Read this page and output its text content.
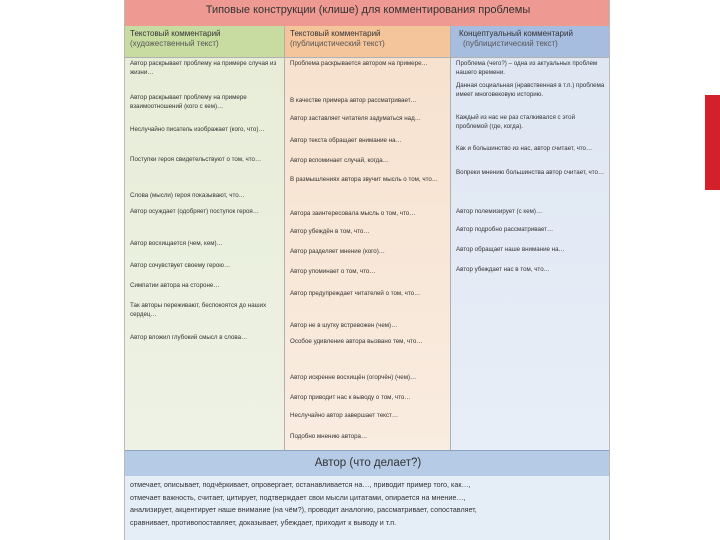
Типовые конструкции (клише) для комментирования проблемы
Текстовый комментарий
(художественный текст)
Автор раскрывает проблему на примере случая из жизни…
Автор раскрывает проблему на примере взаимоотношений (кого с кем)…
Неслучайно писатель изображает (кого, что)…
Поступки героя свидетельствуют о том, что…
Слова (мысли) героя показывают, что…
Автор осуждает (одобряет) поступок героя…
Автор восхищается (чем, кем)…
Автор сочувствует своему герою…
Симпатии автора на стороне…
Так авторы переживают, беспокоятся до наших сердец…
Автор вложил глубокий смысл в слова…
Текстовый комментарий
(публицистический текст)
Проблема раскрывается автором на примере…
В качестве примера автор рассматривает…
Автор заставляет читателя задуматься над…
Автор текста обращает внимание на…
Автор вспоминает случай, когда…
В размышлениях автора звучит мысль о том, что…
Автора заинтересовала мысль о том, что…
Автор убеждён в том, что…
Автор разделяет мнение (кого)…
Автор упоминает о том, что…
Автор предупреждает читателей о том, что…
Автор не в шутку встревожен (чем)…
Особое удивление автора вызвано тем, что…
Автор искренне восхищён (огорчён) (чем)…
Автор приводит нас к выводу о том, что…
Неслучайно автор завершает текст…
Подобно мнению автора…
Концептуальный комментарий
(публицистический текст)
Проблема (чего?) – одна из актуальных проблем нашего времени.
Данная социальная (нравственная в т.п.) проблема имеет многовековую историю.
Каждый из нас не раз сталкивался с этой проблемой (где, когда).
Как и большинство из нас, автор считает, что…
Вопреки мнению большинства автор считает, что…
Автор полемизирует (с кем)…
Автор подробно рассматривает…
Автор обращает наше внимание на…
Автор убеждает нас в том, что…
Автор (что делает?)
отмечает, описывает, подчёркивает, опровергает, останавливается на…, приводит пример того, как…,
отмечает важность, считает, цитирует, подтверждает свои мысли цитатами, опирается на мнение…,
анализирует, акцентирует наше внимание (на чём?), проводит аналогию, рассматривает, сопоставляет,
сравнивает, противопоставляет, доказывает, убеждает, приходит к выводу и т.п.
